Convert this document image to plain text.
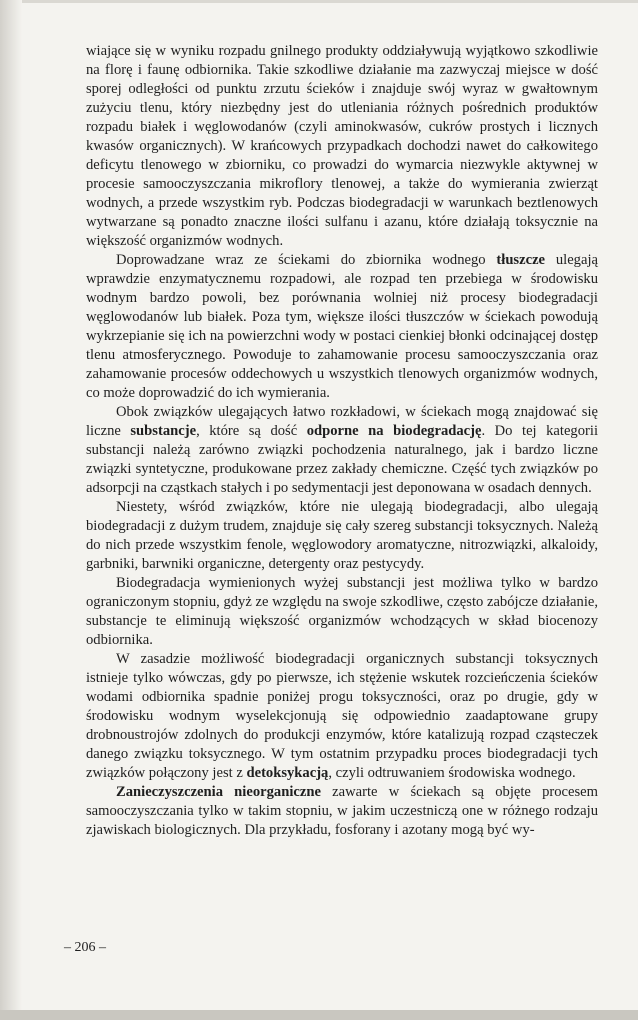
wiające się w wyniku rozpadu gnilnego produkty oddziaływują wyjątkowo szkodliwie na florę i faunę odbiornika. Takie szkodliwe działanie ma zazwyczaj miejsce w dość sporej odległości od punktu zrzutu ścieków i znajduje swój wyraz w gwałtownym zużyciu tlenu, który niezbędny jest do utleniania różnych pośrednich produktów rozpadu białek i węglowodanów (czyli aminokwasów, cukrów prostych i licznych kwasów organicznych). W krańcowych przypadkach dochodzi nawet do całkowitego deficytu tlenowego w zbiorniku, co prowadzi do wymarcia niezwykle aktywnej w procesie samooczyszczania mikroflory tlenowej, a także do wymierania zwierząt wodnych, a przede wszystkim ryb. Podczas biodegradacji w warunkach beztlenowych wytwarzane są ponadto znaczne ilości sulfanu i azanu, które działają toksycznie na większość organizmów wodnych.

Doprowadzane wraz ze ściekami do zbiornika wodnego tłuszcze ulegają wprawdzie enzymatycznemu rozpadowi, ale rozpad ten przebiega w środowisku wodnym bardzo powoli, bez porównania wolniej niż procesy biodegradacji węglowodanów lub białek. Poza tym, większe ilości tłuszczów w ściekach powodują wykrzepianie się ich na powierzchni wody w postaci cienkiej błonki odcinającej dostęp tlenu atmosferycznego. Powoduje to zahamowanie procesu samooczyszczania oraz zahamowanie procesów oddechowych u wszystkich tlenowych organizmów wodnych, co może doprowadzić do ich wymierania.

Obok związków ulegających łatwo rozkładowi, w ściekach mogą znajdować się liczne substancje, które są dość odporne na biodegradację. Do tej kategorii substancji należą zarówno związki pochodzenia naturalnego, jak i bardzo liczne związki syntetyczne, produkowane przez zakłady chemiczne. Część tych związków po adsorpcji na cząstkach stałych i po sedymentacji jest deponowana w osadach dennych.

Niestety, wśród związków, które nie ulegają biodegradacji, albo ulegają biodegradacji z dużym trudem, znajduje się cały szereg substancji toksycznych. Należą do nich przede wszystkim fenole, węglowodory aromatyczne, nitrozwiązki, alkaloidy, garbniki, barwniki organiczne, detergenty oraz pestycydy.

Biodegradacja wymienionych wyżej substancji jest możliwa tylko w bardzo ograniczonym stopniu, gdyż ze względu na swoje szkodliwe, często zabójcze działanie, substancje te eliminują większość organizmów wchodzących w skład biocenozy odbiornika.

W zasadzie możliwość biodegradacji organicznych substancji toksycznych istnieje tylko wówczas, gdy po pierwsze, ich stężenie wskutek rozcieńczenia ścieków wodami odbiornika spadnie poniżej progu toksyczności, oraz po drugie, gdy w środowisku wodnym wyselekcjonują się odpowiednio zaadaptowane grupy drobnoustrojów zdolnych do produkcji enzymów, które katalizują rozpad cząsteczek danego związku toksycznego. W tym ostatnim przypadku proces biodegradacji tych związków połączony jest z detoksykacją, czyli odtruwaniem środowiska wodnego.

Zanieczyszczenia nieorganiczne zawarte w ściekach są objęte procesem samooczyszczania tylko w takim stopniu, w jakim uczestniczą one w różnego rodzaju zjawiskach biologicznych. Dla przykładu, fosforany i azotany mogą być wy-

– 206 –
